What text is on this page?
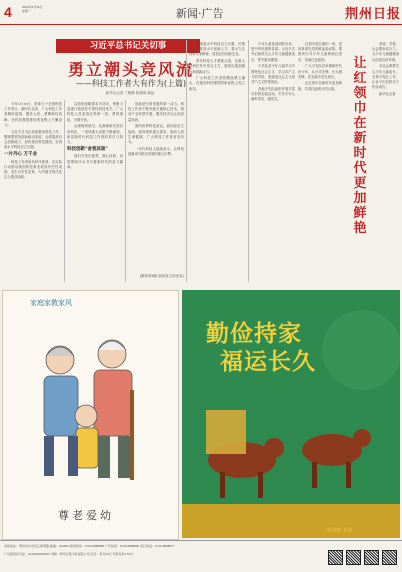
4	2025年5月26日
星期一	新闻·广告	荆州日报
习近平总书记关切事
勇立潮头竞风流
——科技工作者大有作为(上篇)
新华社记者 丁雅静 张晓明 姚远

今年5月30日，是第九个全国科技工作者日。新时代以来，广大科技工作者胸怀祖国、服务人民，勇攀科技高峰，在科技强国建设的征程上不懈奋斗。

习近平总书记高度重视科技工作，强调要坚持创新驱动发展，全面提高自主创新能力，加快建设科技强国，实现高水平科技自立自强。

一片丹心 万千业

科技工作者肩负时代使命，以实际行动推动我国科技事业取得历史性成就、发生历史性变革，为中国式现代化注入强劲动能。

以国家战略需求为导向，集聚力量进行原创性引领性科技攻关。广大科技人员奋战在科研一线，勇挑重担，为国分忧。

从深海到深空，从基础研究到应用转化，一项项重大成果不断涌现，彰显新时代科技工作者的责任与担当。

科技创新"舍我其谁"

他们甘坐冷板凳，潜心钻研，用智慧和汗水书写着新时代的奋斗篇章。

创新是引领发展的第一动力。科技工作者不断突破关键核心技术，推动产业转型升级，服务经济社会高质量发展。

面向世界科技前沿，面向经济主战场，面向国家重大需求，面向人民生命健康，广大科技工作者奋发有为。

一代代科技人接续奋斗，让科技创新成为推动发展的强大引擎。

实现高水平科技自立自强，归根结底要靠高水平创新人才。要大力弘扬科学家精神，营造良好创新生态。

青年科技人才勇挑大梁，在重大科研任务中担当主力，展现出蓬勃朝气和创新活力。

广大科技工作者将继续勇立潮头，在建设科技强国的新征程上再立新功。

(紧转第8版 阅读原文请登录)

少年儿童是祖国的未来，是中华民族的希望。习近平总书记始终关心少年儿童健康成长，寄予殷切期望。

少先队是少年儿童学习中国特色社会主义、学习共产主义的学校，是建设社会主义和共产主义的预备队。

各地少先队组织开展丰富多彩的实践活动，引导少年儿童听党话、跟党走。

红领巾是红旗的一角，是用革命先烈的鲜血染成的。要教育引导少年儿童珍惜红领巾，传承红色基因。

广大少先队员争做新时代好少年，从小学先锋、长大做先锋，在实践中茁壮成长。

让红领巾在新时代更加鲜艳，共同托起明天的太阳。

让红领巾在新时代更加鲜艳

家庭、学校、社会要形成合力，为少年儿童健康成长创造良好环境。

全社会都要关心少年儿童成长，支持少先队工作，让孩子们在阳光下快乐成长。

新华社记者

家庭家教家风
尊老爱幼
勤俭持家
福运长久
中国梦·节俭
本报地址：荆州市沙市区江津西路 邮编：434000 新闻热线：0716-8888888 广告热线：0716-8888866 发行热线：0716-8888877
广告经营许可证：4210004000001 印刷：荆州日报印务有限公司 定价：每月25元 零售每份1.50元
